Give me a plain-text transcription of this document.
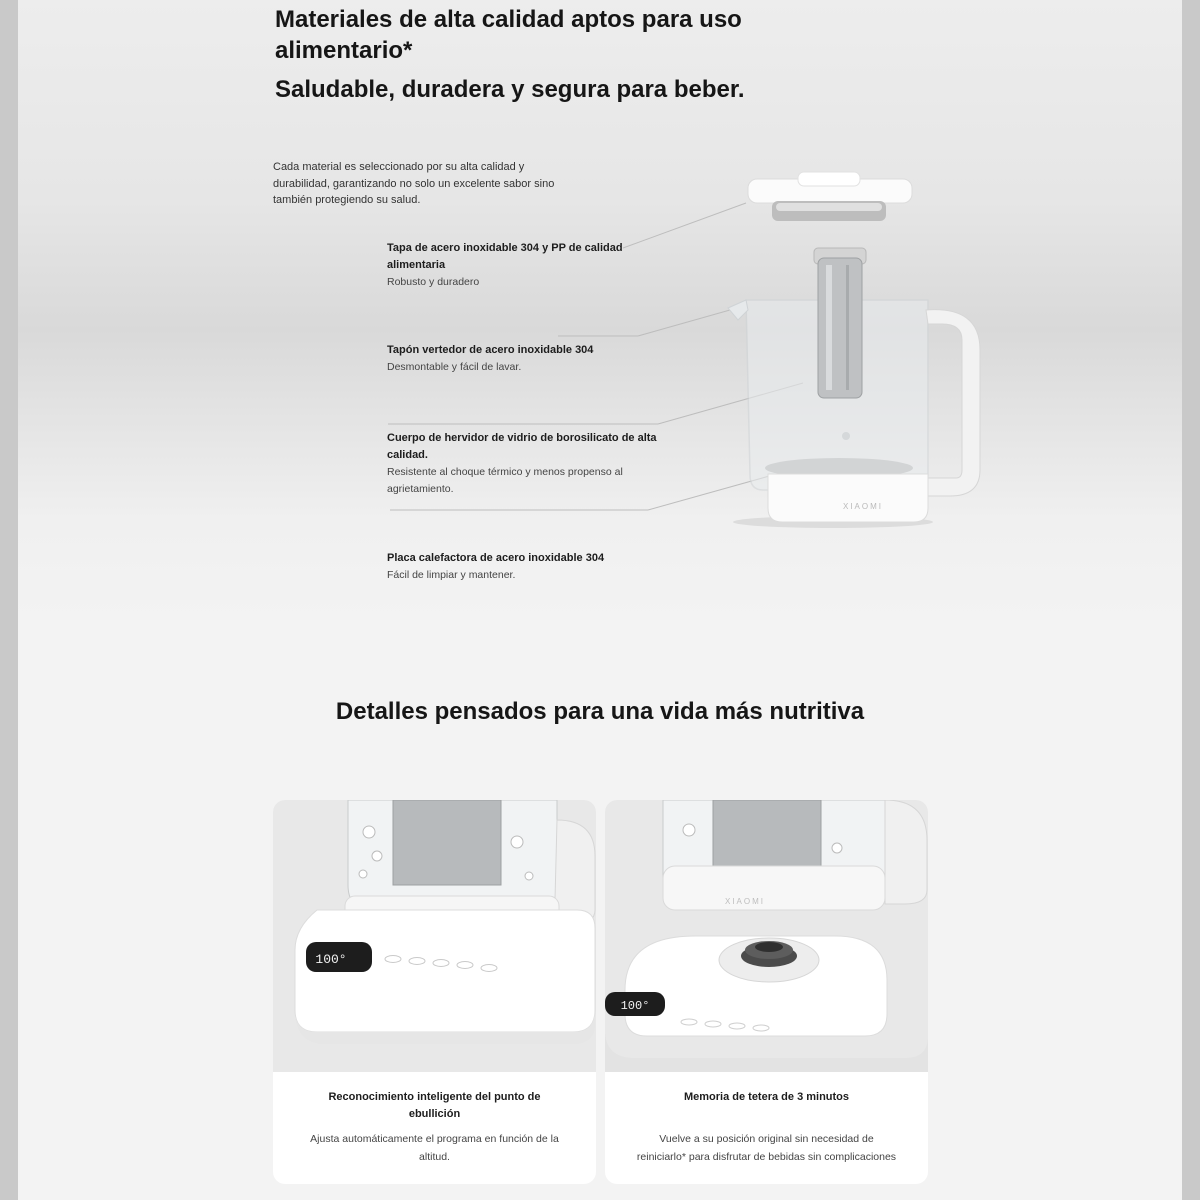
Materiales de alta calidad aptos para uso alimentario*
Saludable, duradera y segura para beber.

Cada material es seleccionado por su alta calidad y durabilidad, garantizando no solo un excelente sabor sino también protegiendo su salud.

Tapa de acero inoxidable 304 y PP de calidad alimentaria
Robusto y duradero
Tapón vertedor de acero inoxidable 304
Desmontable y fácil de lavar.
Cuerpo de hervidor de vidrio de borosilicato de alta calidad.
Resistente al choque térmico y menos propenso al agrietamiento.
Placa calefactora de acero inoxidable 304
Fácil de limpiar y mantener.
XIAOMI
Detalles pensados para una vida más nutritiva
100°
Reconocimiento inteligente del punto de ebullición
Ajusta automáticamente el programa en función de la altitud.
XIAOMI
100°
Memoria de tetera de 3 minutos
Vuelve a su posición original sin necesidad de reiniciarlo* para disfrutar de bebidas sin complicaciones
